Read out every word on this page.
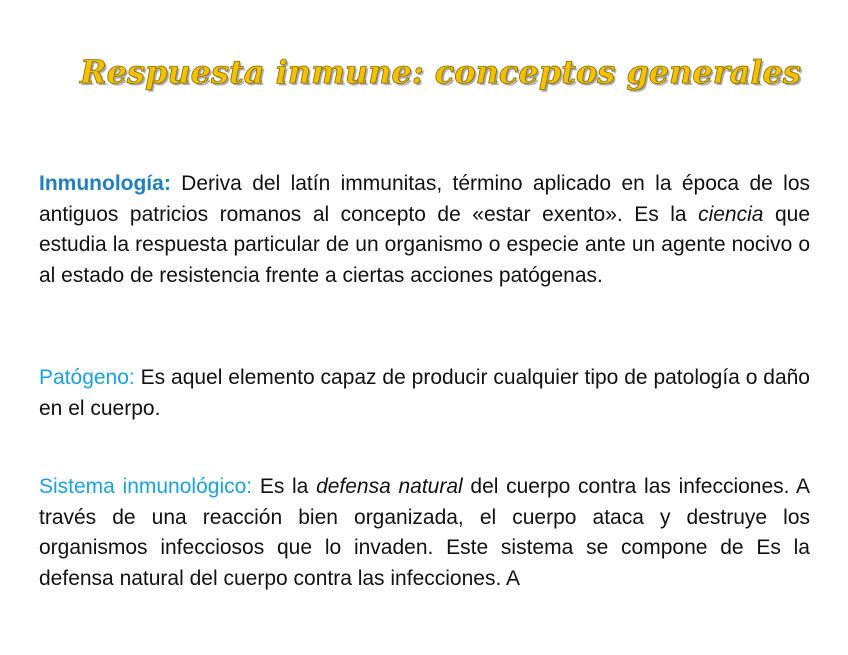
Respuesta inmune: conceptos generales

Inmunología: Deriva del latín immunitas, término aplicado en la época de los antiguos patricios romanos al concepto de «estar exento». Es la ciencia que estudia la respuesta particular de un organismo o especie ante un agente nocivo o al estado de resistencia frente a ciertas acciones patógenas.

Patógeno: Es aquel elemento capaz de producir cualquier tipo de patología o daño en el cuerpo.

Sistema inmunológico: Es la defensa natural del cuerpo contra las infecciones. A través de una reacción bien organizada, el cuerpo ataca y destruye los organismos infecciosos que lo invaden. Este sistema se compone de Es la defensa natural del cuerpo contra las infecciones. A
